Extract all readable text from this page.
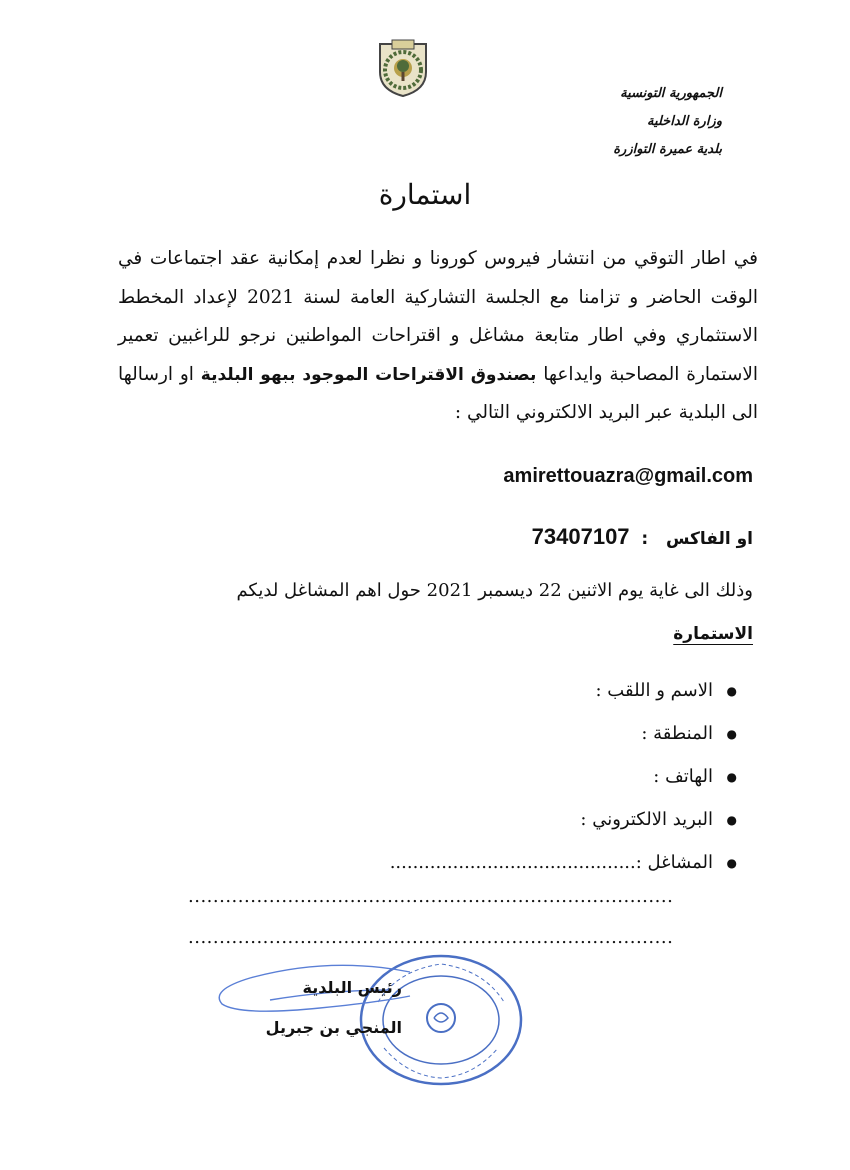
الجمهورية التونسية
وزارة الداخلية
بلدية عميرة التوازرة
استمارة
في اطار التوقي من انتشار فيروس كورونا و نظرا لعدم إمكانية عقد اجتماعات في الوقت الحاضر و تزامنا مع الجلسة التشاركية العامة لسنة 2021 لإعداد المخطط الاستثماري وفي اطار متابعة مشاغل و اقتراحات المواطنين نرجو للراغبين تعمير الاستمارة المصاحبة وايداعها بصندوق الاقتراحات الموجود ببهو البلدية او ارسالها الى البلدية عبر البريد الالكتروني التالي :
amirettouazra@gmail.com
او الفاكس   :  73407107
وذلك الى غاية يوم الاثنين 22 ديسمبر 2021 حول اهم المشاغل لديكم
الاستمارة
● الاسم و اللقب :
● المنطقة :
● الهاتف :
● البريد الالكتروني :
● المشاغل :...........................................
..............................................................................
..............................................................................
رئيس البلدية
المنجي بن جبريل
